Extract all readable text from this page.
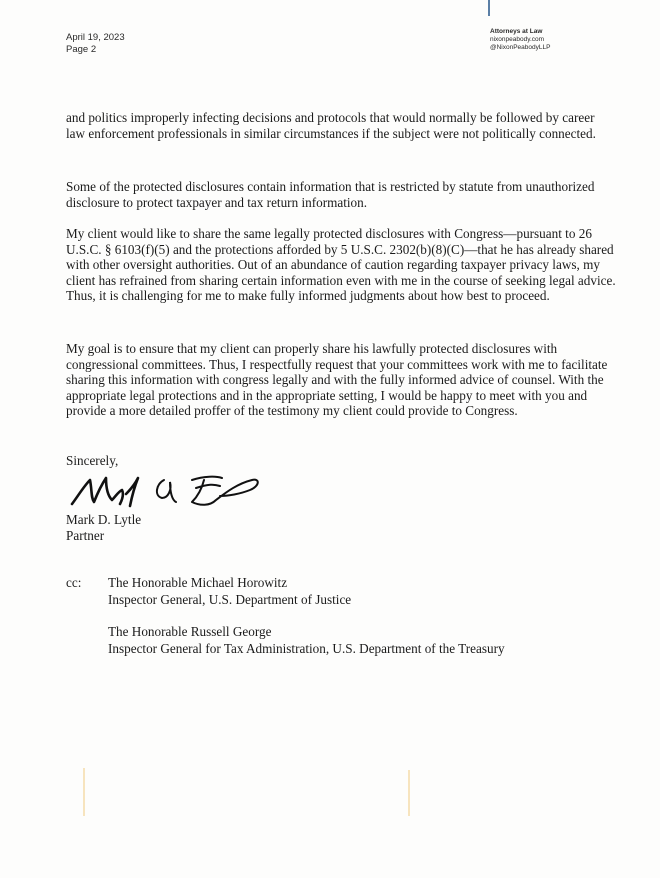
April 19, 2023
Page 2
Attorneys at Law
nixonpeabody.com
@NixonPeabodyLLP

and politics improperly infecting decisions and protocols that would normally be followed by career law enforcement professionals in similar circumstances if the subject were not politically connected.

Some of the protected disclosures contain information that is restricted by statute from unauthorized disclosure to protect taxpayer and tax return information.

My client would like to share the same legally protected disclosures with Congress—pursuant to 26 U.S.C. § 6103(f)(5) and the protections afforded by 5 U.S.C. 2302(b)(8)(C)—that he has already shared with other oversight authorities. Out of an abundance of caution regarding taxpayer privacy laws, my client has refrained from sharing certain information even with me in the course of seeking legal advice. Thus, it is challenging for me to make fully informed judgments about how best to proceed.

My goal is to ensure that my client can properly share his lawfully protected disclosures with congressional committees. Thus, I respectfully request that your committees work with me to facilitate sharing this information with congress legally and with the fully informed advice of counsel. With the appropriate legal protections and in the appropriate setting, I would be happy to meet with you and provide a more detailed proffer of the testimony my client could provide to Congress.

Sincerely,
Mark D. Lytle
Partner
cc: The Honorable Michael Horowitz
Inspector General, U.S. Department of Justice
The Honorable Russell George
Inspector General for Tax Administration, U.S. Department of the Treasury
